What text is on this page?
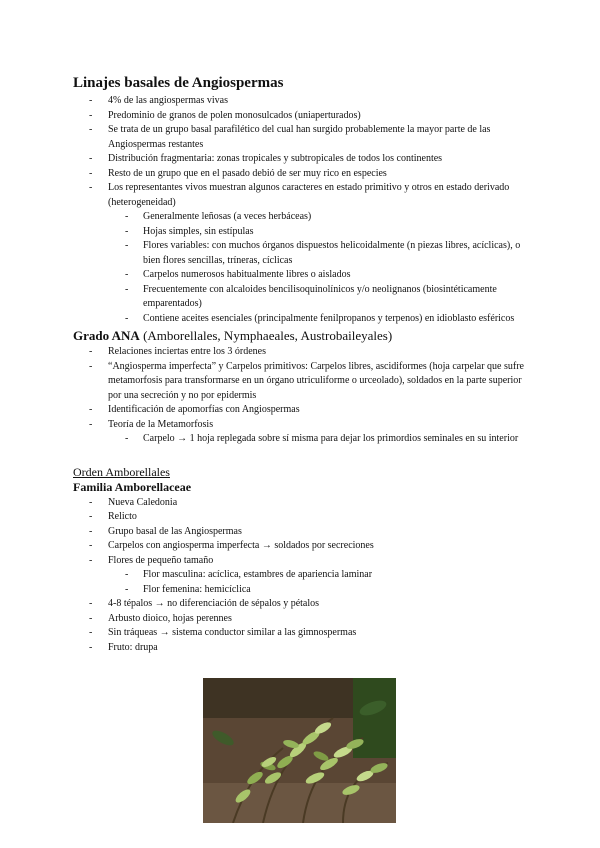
Linajes basales de Angiospermas
- 4% de las angiospermas vivas
- Predominio de granos de polen monosulcados (uniaperturados)
- Se trata de un grupo basal parafilético del cual han surgido probablemente la mayor parte de las Angiospermas restantes
- Distribución fragmentaria: zonas tropicales y subtropicales de todos los continentes
- Resto de un grupo que en el pasado debió de ser muy rico en especies
- Los representantes vivos muestran algunos caracteres en estado primitivo y otros en estado derivado (heterogeneidad)
- Generalmente leñosas (a veces herbáceas)
- Hojas simples, sin estípulas
- Flores variables: con muchos órganos dispuestos helicoidalmente (n piezas libres, acíclicas), o bien flores sencillas, tríneras, cíclicas
- Carpelos numerosos habitualmente libres o aislados
- Frecuentemente con alcaloides bencilisoquinolínicos y/o neolignanos (biosintéticamente emparentados)
- Contiene aceites esenciales (principalmente fenilpropanos y terpenos) en idioblasto esféricos
Grado ANA (Amborellales, Nymphaeales, Austrobaileyales)
- Relaciones inciertas entre los 3 órdenes
- “Angiosperma imperfecta” y Carpelos primitivos: Carpelos libres, ascidiformes (hoja carpelar que sufre metamorfosis para transformarse en un órgano utriculiforme o urceolado), soldados en la parte superior por una secreción y no por epidermis
- Identificación de apomorfías con Angiospermas
- Teoría de la Metamorfosis
- Carpelo → 1 hoja replegada sobre sí misma para dejar los primordios seminales en su interior
Orden Amborellales
Familia Amborellaceae
- Nueva Caledonia
- Relicto
- Grupo basal de las Angiospermas
- Carpelos con angiosperma imperfecta → soldados por secreciones
- Flores de pequeño tamaño
- Flor masculina: acíclica, estambres de apariencia laminar
- Flor femenina: hemicíclica
- 4-8 tépalos → no diferenciación de sépalos y pétalos
- Arbusto dioico, hojas perennes
- Sin tráqueas → sistema conductor similar a las gimnospermas
- Fruto: drupa
